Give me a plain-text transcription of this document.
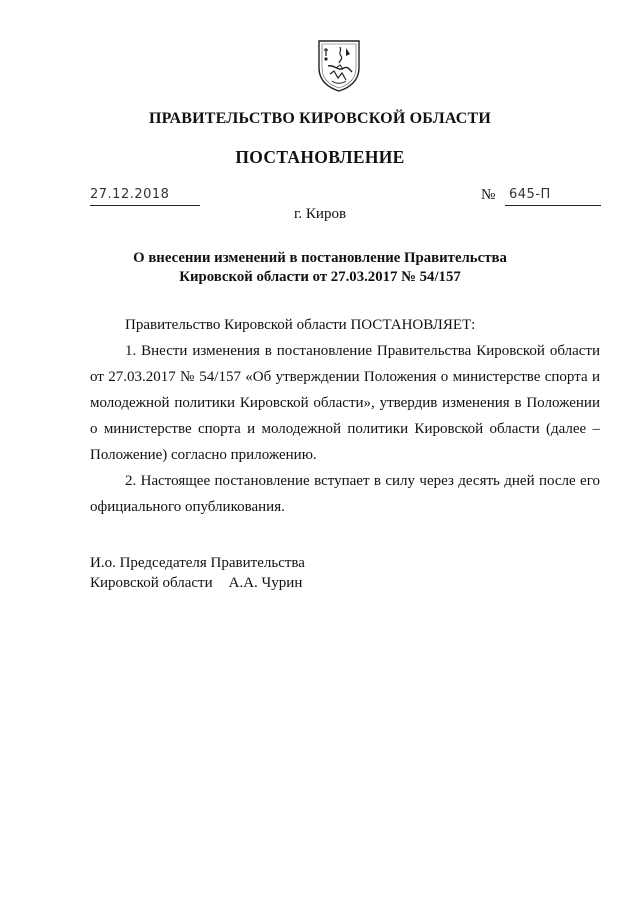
ПРАВИТЕЛЬСТВО КИРОВСКОЙ ОБЛАСТИ
ПОСТАНОВЛЕНИЕ
27.12.2018	№ 645-П
г. Киров
О внесении изменений в постановление Правительства
Кировской области от 27.03.2017 № 54/157

Правительство Кировской области ПОСТАНОВЛЯЕТ:

1. Внести изменения в постановление Правительства Кировской области от 27.03.2017 № 54/157 «Об утверждении Положения о министерстве спорта и молодежной политики Кировской области», утвердив изменения в Положении о министерстве спорта и молодежной политики Кировской области (далее – Положение) согласно приложению.

2. Настоящее постановление вступает в силу через десять дней после его официального опубликования.

И.о. Председателя Правительства
Кировской области А.А. Чурин
